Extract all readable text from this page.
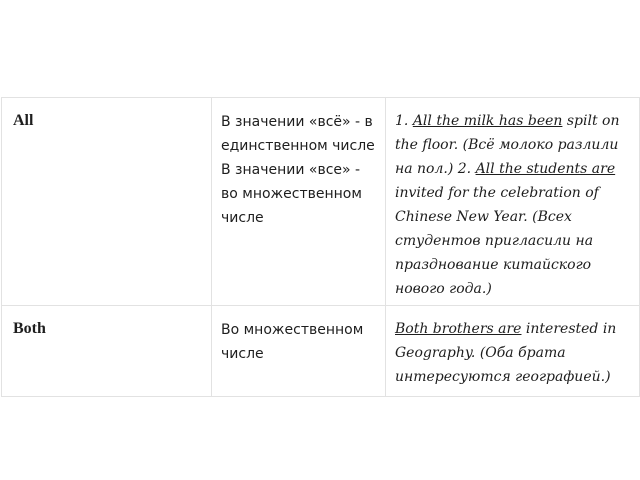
All	В значении «всё» - в единственном числе В значении «все» - во множественном числе	1. All the milk has been spilt on the floor. (Всё молоко разлили на пол.) 2. All the students are invited for the celebration of Chinese New Year. (Всех студентов пригласили на празднование китайского нового года.)

Both	Во множественном числе	Both brothers are interested in Geography. (Оба брата интересуются географией.)
